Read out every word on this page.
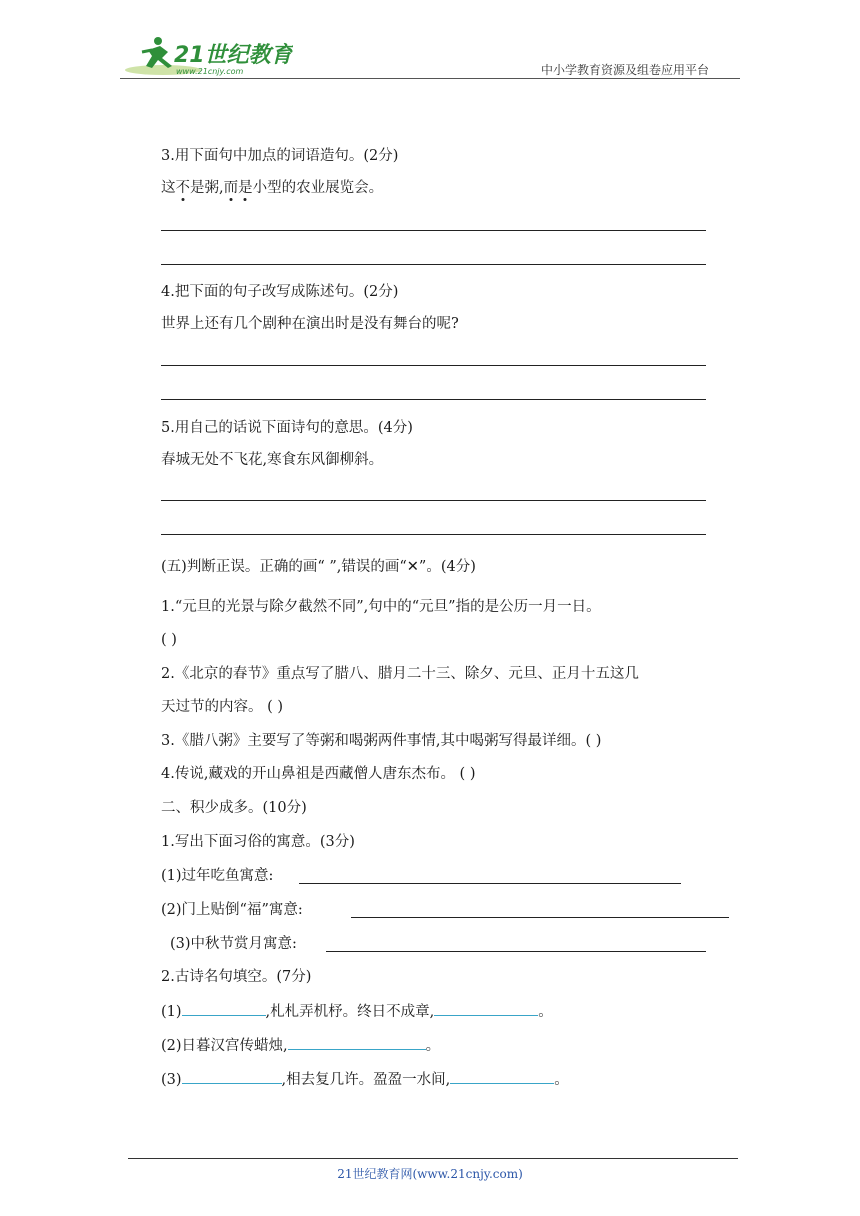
21世纪教育
www.21cnjy.com	中小学教育资源及组卷应用平台
3.用下面句中加点的词语造句。(2分)
这不是粥,而是小型的农业展览会。
4.把下面的句子改写成陈述句。(2分)
世界上还有几个剧种在演出时是没有舞台的呢?
5.用自己的话说下面诗句的意思。(4分)
春城无处不飞花,寒食东风御柳斜。
(五)判断正误。正确的画“ ”,错误的画“✕”。(4分)
1.“元旦的光景与除夕截然不同”,句中的“元旦”指的是公历一月一日。
( )
2.《北京的春节》重点写了腊八、腊月二十三、除夕、元旦、正月十五这几
天过节的内容。 ( )
3.《腊八粥》主要写了等粥和喝粥两件事情,其中喝粥写得最详细。( )
4.传说,藏戏的开山鼻祖是西藏僧人唐东杰布。 ( )
二、积少成多。(10分)
1.写出下面习俗的寓意。(3分)
(1)过年吃鱼寓意:
(2)门上贴倒“福”寓意:
(3)中秋节赏月寓意:
2.古诗名句填空。(7分)
(1)	,札札弄机杼。终日不成章,	。
(2)日暮汉宫传蜡烛,	。
(3)	,相去复几许。盈盈一水间,	。
21世纪教育网(www.21cnjy.com)
